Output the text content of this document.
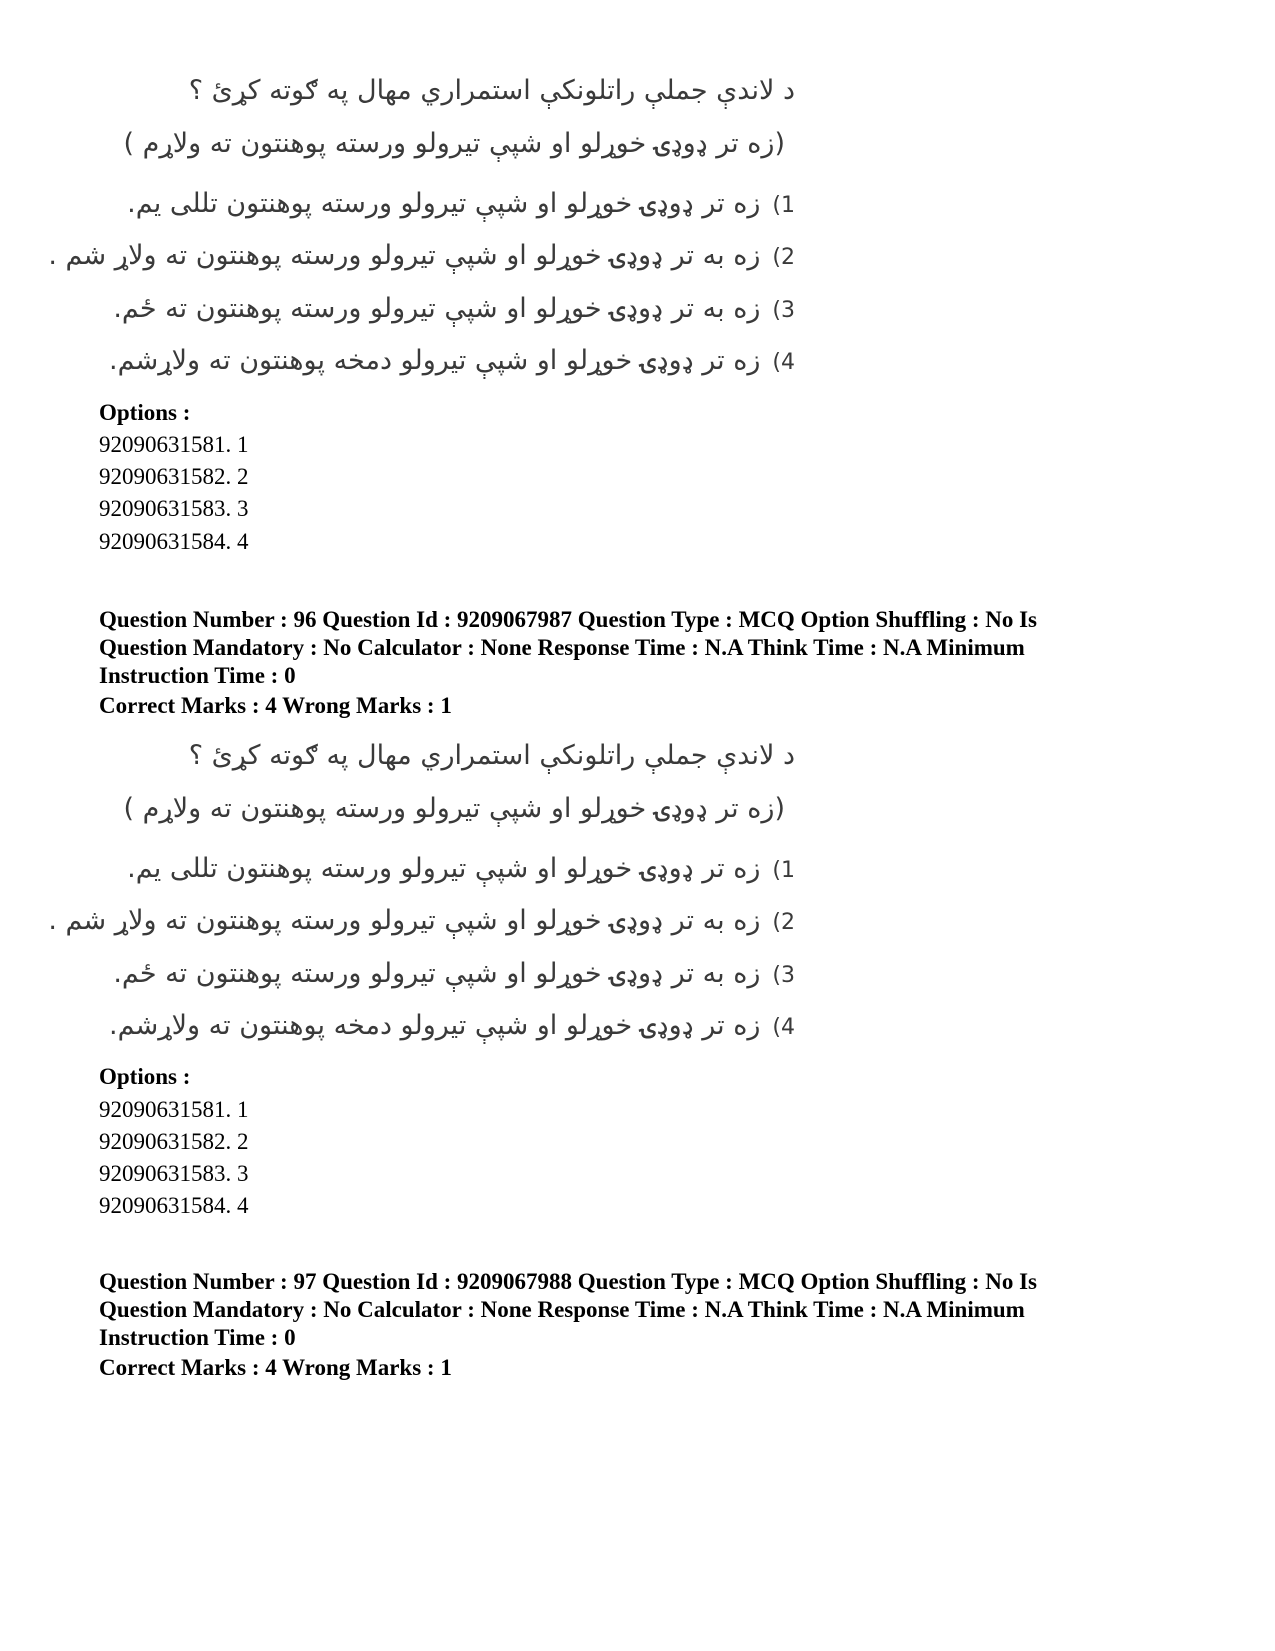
د لاندې جملې راتلونکې استمراري مهال په ګوته کړئ ؟
(زه تر ډوډۍ خوړلو او شپې تیرولو ورسته پوهنتون ته ولاړم )
1)زه تر ډوډۍ خوړلو او شپې تیرولو ورسته پوهنتون تللی یم.
2)زه به تر ډوډۍ خوړلو او شپې تیرولو ورسته پوهنتون ته ولاړ شم .
3)زه به تر ډوډۍ خوړلو او شپې تیرولو ورسته پوهنتون ته ځم.
4)زه تر ډوډۍ خوړلو او شپې تیرولو دمخه پوهنتون ته ولاړشم.
Options :
92090631581. 1
92090631582. 2
92090631583. 3
92090631584. 4
Question Number : 96 Question Id : 9209067987 Question Type : MCQ Option Shuffling : No Is
Question Mandatory : No Calculator : None Response Time : N.A Think Time : N.A Minimum
Instruction Time : 0
Correct Marks : 4 Wrong Marks : 1
د لاندې جملې راتلونکې استمراري مهال په ګوته کړئ ؟
(زه تر ډوډۍ خوړلو او شپې تیرولو ورسته پوهنتون ته ولاړم )
1)زه تر ډوډۍ خوړلو او شپې تیرولو ورسته پوهنتون تللی یم.
2)زه به تر ډوډۍ خوړلو او شپې تیرولو ورسته پوهنتون ته ولاړ شم .
3)زه به تر ډوډۍ خوړلو او شپې تیرولو ورسته پوهنتون ته ځم.
4)زه تر ډوډۍ خوړلو او شپې تیرولو دمخه پوهنتون ته ولاړشم.
Options :
92090631581. 1
92090631582. 2
92090631583. 3
92090631584. 4
Question Number : 97 Question Id : 9209067988 Question Type : MCQ Option Shuffling : No Is
Question Mandatory : No Calculator : None Response Time : N.A Think Time : N.A Minimum
Instruction Time : 0
Correct Marks : 4 Wrong Marks : 1
